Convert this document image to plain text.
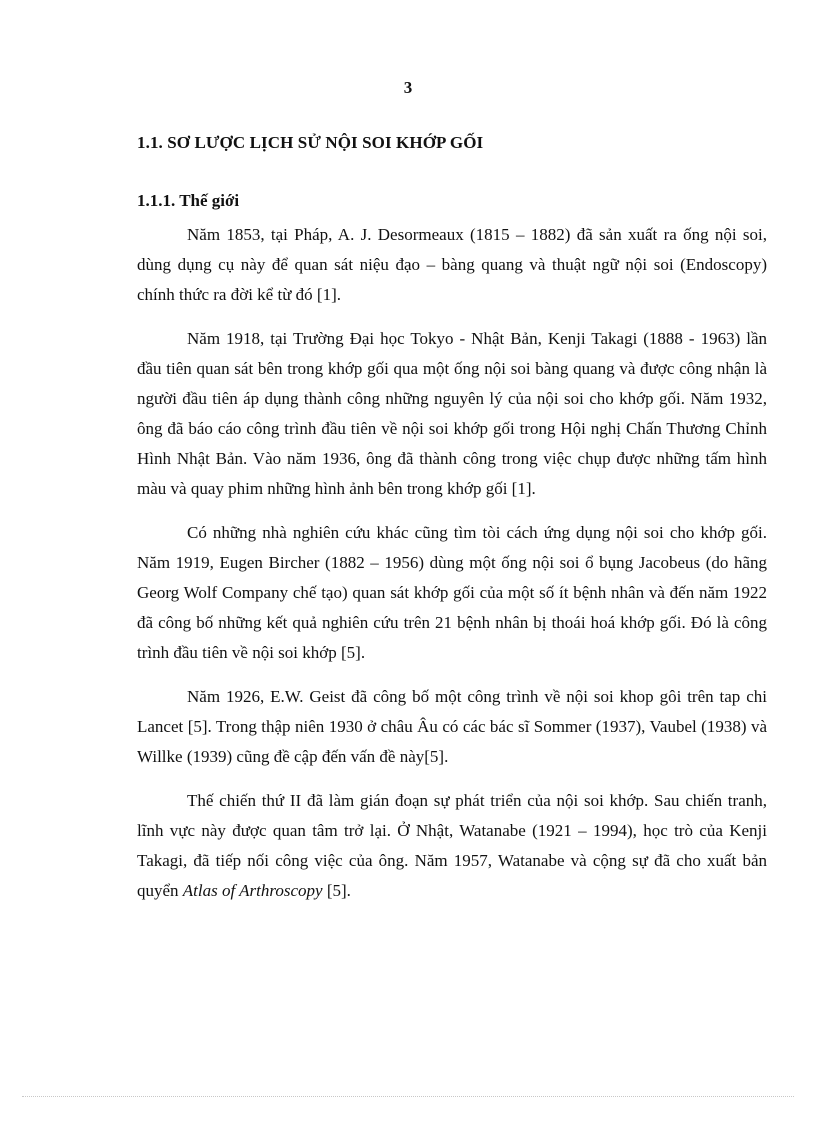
3
1.1. SƠ LƯỢC LỊCH SỬ NỘI SOI KHỚP GỐI
1.1.1. Thế giới

Năm 1853, tại Pháp, A. J. Desormeaux (1815 – 1882) đã sản xuất ra ống nội soi, dùng dụng cụ này để quan sát niệu đạo – bàng quang và thuật ngữ nội soi (Endoscopy) chính thức ra đời kể từ đó [1].

Năm 1918, tại Trường Đại học Tokyo - Nhật Bản, Kenji Takagi (1888 - 1963) lần đầu tiên quan sát bên trong khớp gối qua một ống nội soi bàng quang và được công nhận là người đầu tiên áp dụng thành công những nguyên lý của nội soi cho khớp gối. Năm 1932, ông đã báo cáo công trình đầu tiên về nội soi khớp gối trong Hội nghị Chấn Thương Chỉnh Hình Nhật Bản. Vào năm 1936, ông đã thành công trong việc chụp được những tấm hình màu và quay phim những hình ảnh bên trong khớp gối [1].

Có những nhà nghiên cứu khác cũng tìm tòi cách ứng dụng nội soi cho khớp gối. Năm 1919, Eugen Bircher (1882 – 1956) dùng một ống nội soi ổ bụng Jacobeus (do hãng Georg Wolf Company chế tạo) quan sát khớp gối của một số ít bệnh nhân và đến năm 1922 đã công bố những kết quả nghiên cứu trên 21 bệnh nhân bị thoái hoá khớp gối. Đó là công trình đầu tiên về nội soi khớp [5].

Năm 1926, E.W. Geist đã công bố một công trình về nội soi khop gôi trên tap chi Lancet [5]. Trong thập niên 1930 ở châu Âu có các bác sĩ Sommer (1937), Vaubel (1938) và Willke (1939) cũng đề cập đến vấn đề này[5].

Thế chiến thứ II đã làm gián đoạn sự phát triển của nội soi khớp. Sau chiến tranh, lĩnh vực này được quan tâm trở lại. Ở Nhật, Watanabe (1921 – 1994), học trò của Kenji Takagi, đã tiếp nối công việc của ông. Năm 1957, Watanabe và cộng sự đã cho xuất bản quyển Atlas of Arthroscopy [5].
